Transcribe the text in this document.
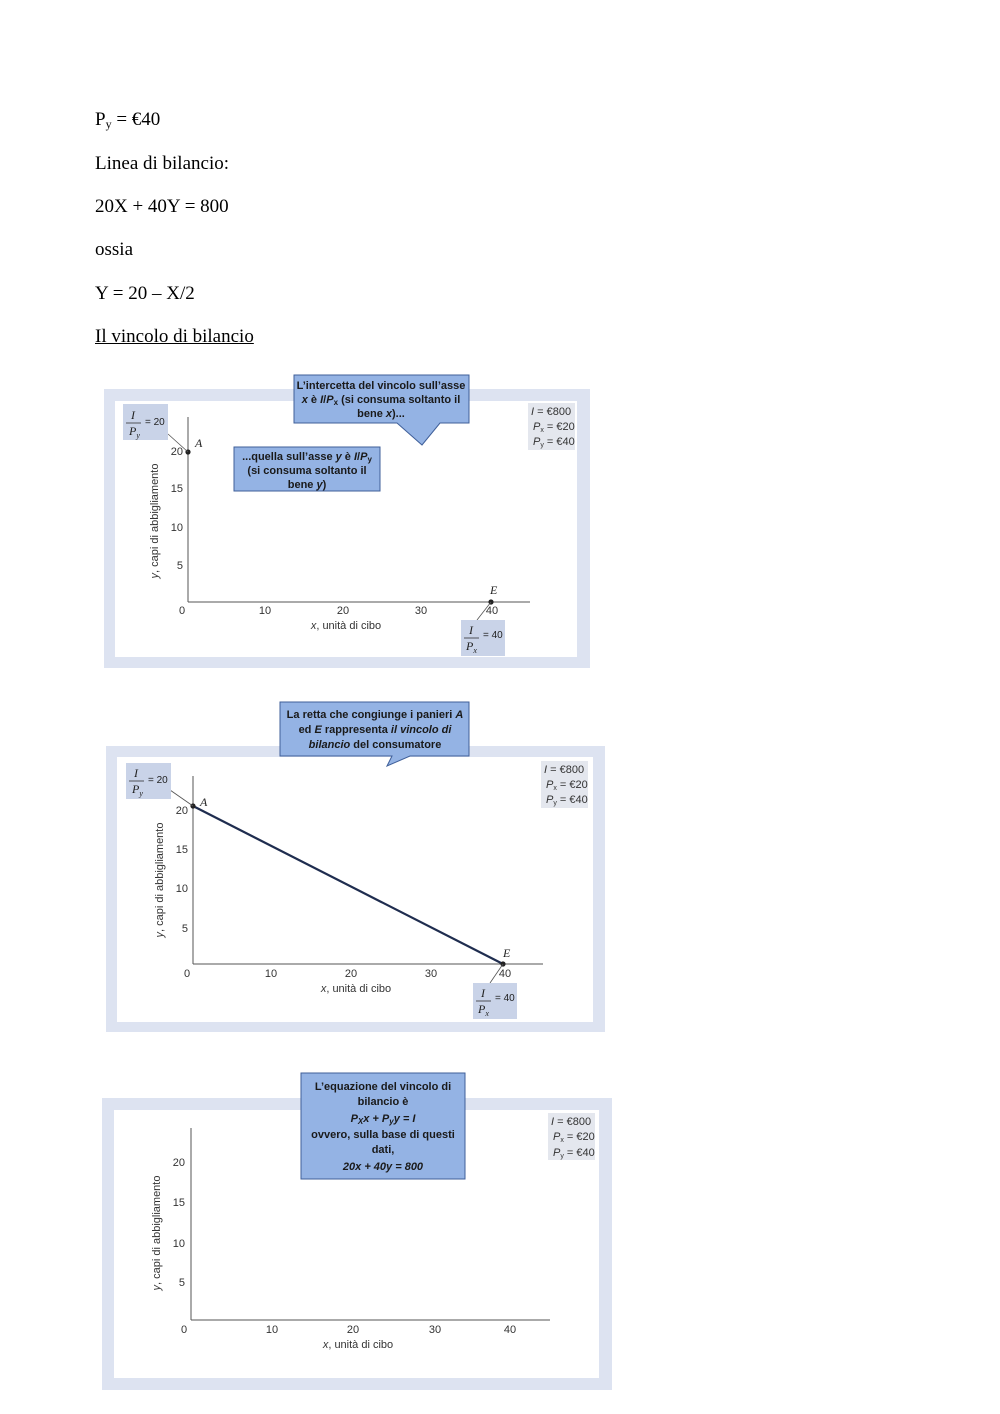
$P_y$ = €40

Linea di bilancio:

20X + 40Y = 800

ossia

Y = 20 – X/2

Il vincolo di bilancio

I = €800
Px = €20
Py = €40
5
10
15
20
0	10	20	30	40
x, unità di cibo
y, capi di abbigliamento
A
E
I
$P_y$
= 20
I
$P_x$
= 40
L’intercetta del vincolo sull’asse
x è I/Px (si consuma soltanto il
bene x)...
...quella sull’asse y è I/Py
(si consuma soltanto il
bene y)
I = €800
Px = €20
Py = €40
5
10
15
20
0	10	20	30	40
x, unità di cibo
y, capi di abbigliamento
A
E
I
$P_y$
= 20
I
$P_x$
= 40
La retta che congiunge i panieri A
ed E rappresenta il vincolo di
bilancio del consumatore
I = €800
Px = €20
Py = €40
5
10
15
20
0	10	20	30	40
x, unità di cibo
y, capi di abbigliamento
L’equazione del vincolo di
bilancio è
PXx + Pyy = I
ovvero, sulla base di questi
dati,
20x + 40y = 800
